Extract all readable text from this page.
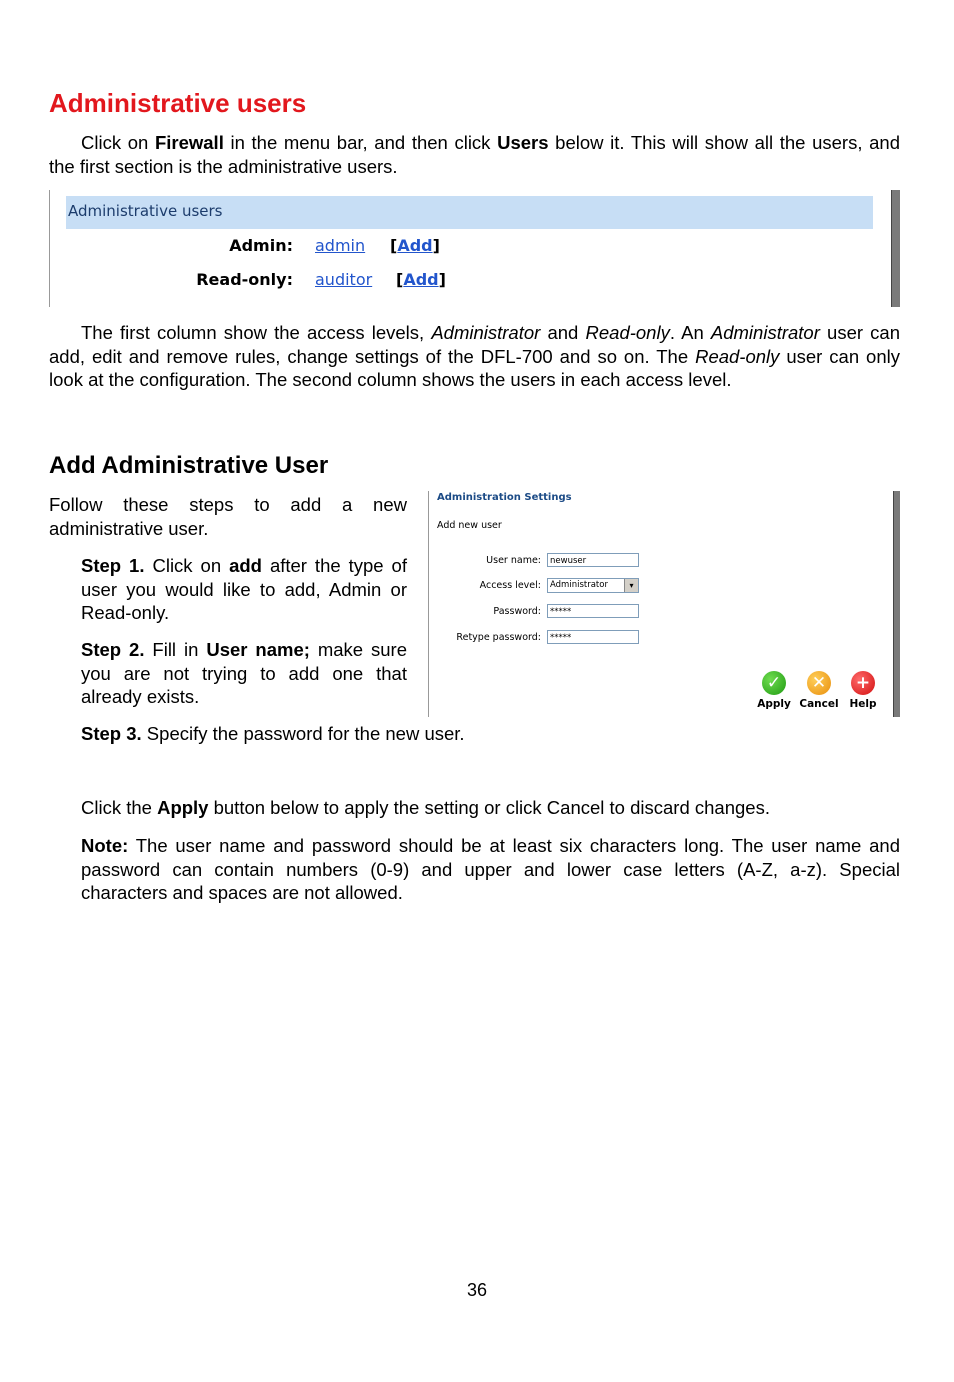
Administrative users
Click on Firewall in the menu bar, and then click Users below it. This will show all the users, and the first section is the administrative users.
Administrative users
Admin: admin [Add]
Read-only: auditor [Add]
The first column show the access levels, Administrator and Read-only. An Administrator user can add, edit and remove rules, change settings of the DFL-700 and so on. The Read-only user can only look at the configuration. The second column shows the users in each access level.
Add Administrative User
Follow these steps to add a new administrative user.
Step 1. Click on add after the type of user you would like to add, Admin or Read-only.
Step 2. Fill in User name; make sure you are not trying to add one that already exists.
Administration Settings
Add new user
User name:	newuser
Access level:	Administrator	▾
Password:	*****
Retype password:	*****
✓
Apply
✕
Cancel
+
Help
Step 3. Specify the password for the new user.
Click the Apply button below to apply the setting or click Cancel to discard changes.
Note: The user name and password should be at least six characters long. The user name and password can contain numbers (0-9) and upper and lower case letters (A-Z, a-z). Special characters and spaces are not allowed.
36
